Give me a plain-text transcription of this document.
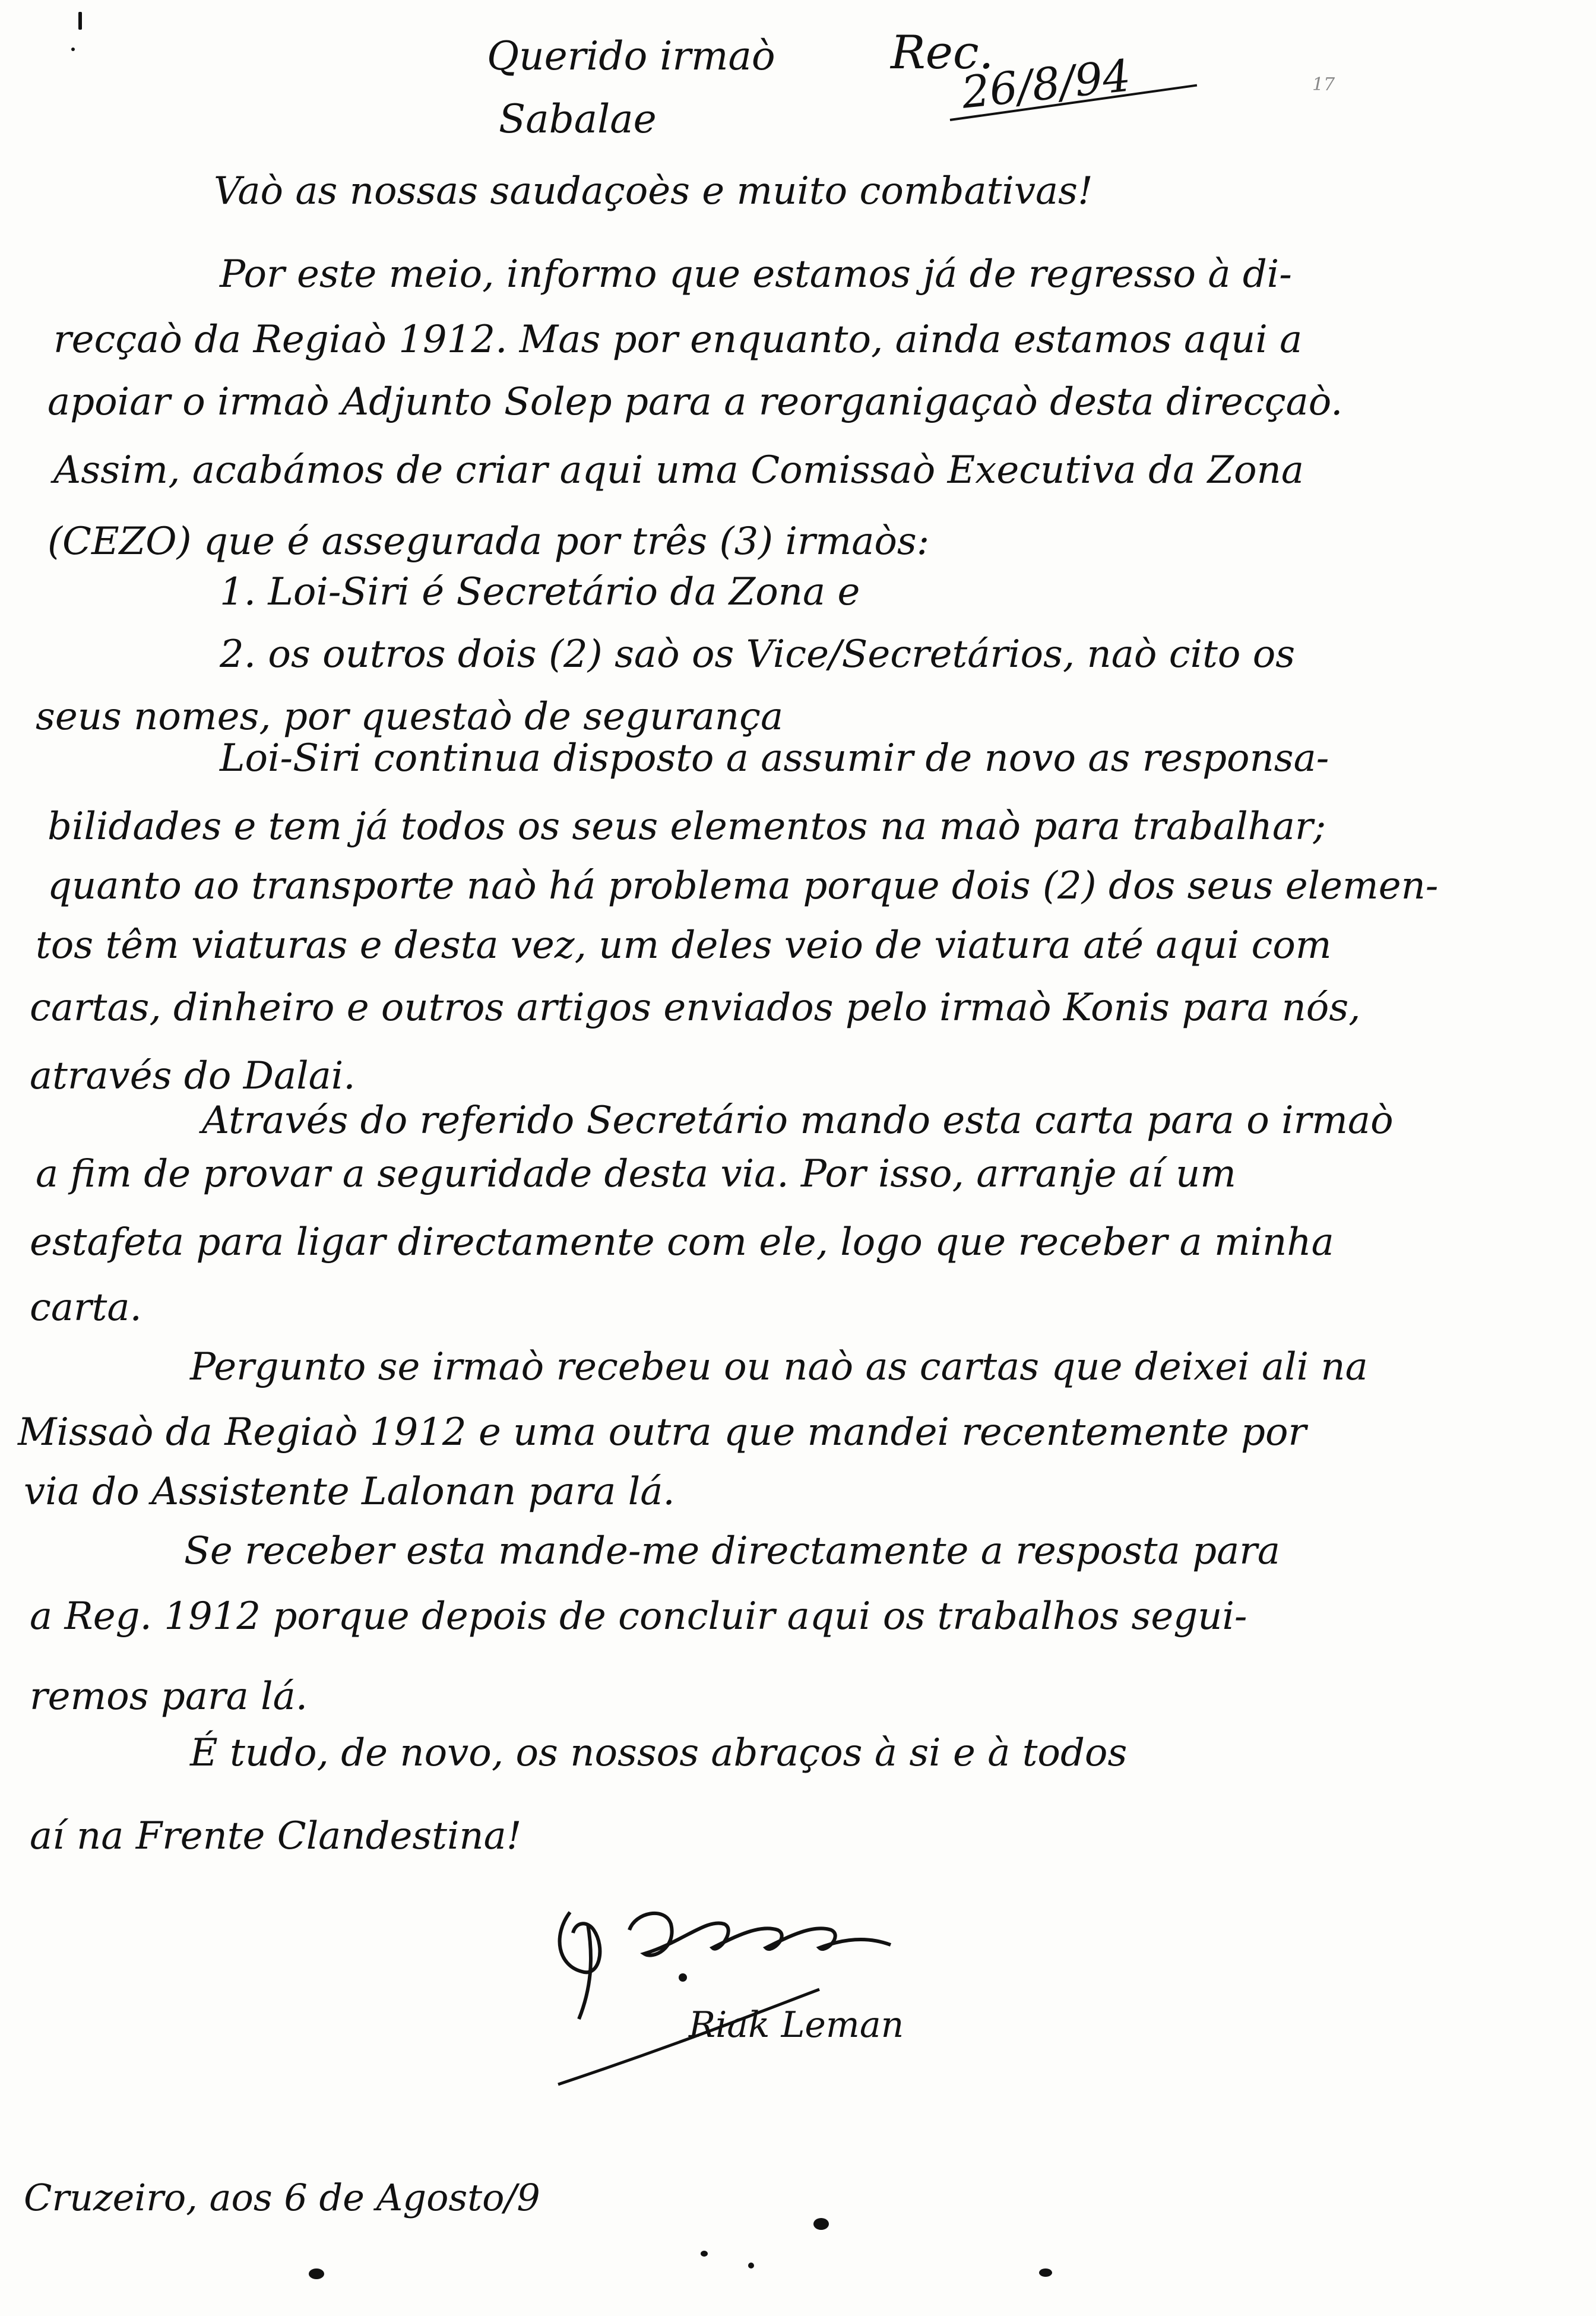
Querido irmaò
Sabalae
Rec.
26/8/94	17
Vaò as nossas saudaçoès e muito combativas!
Por este meio, informo que estamos já de regresso à di-
recçaò da Regiaò 1912. Mas por enquanto, ainda estamos aqui a
apoiar o irmaò Adjunto Solep para a reorganigaçaò desta direcçaò.
Assim, acabámos de criar aqui uma Comissaò Executiva da Zona
(CEZO) que é assegurada por três (3) irmaòs:
1. Loi-Siri é Secretário da Zona e
2. os outros dois (2) saò os Vice/Secretários, naò cito os
seus nomes, por questaò de segurança
Loi-Siri continua disposto a assumir de novo as responsa-
bilidades e tem já todos os seus elementos na maò para trabalhar;
quanto ao transporte naò há problema porque dois (2) dos seus elemen-
tos têm viaturas e desta vez, um deles veio de viatura até aqui com
cartas, dinheiro e outros artigos enviados pelo irmaò Konis para nós,
através do Dalai.
Através do referido Secretário mando esta carta para o irmaò
a fim de provar a seguridade desta via. Por isso, arranje aí um
estafeta para ligar directamente com ele, logo que receber a minha
carta.
Pergunto se irmaò recebeu ou naò as cartas que deixei ali na
Missaò da Regiaò 1912 e uma outra que mandei recentemente por
via do Assistente Lalonan para lá.
Se receber esta mande-me directamente a resposta para
a Reg. 1912 porque depois de concluir aqui os trabalhos segui-
remos para lá.
É tudo, de novo, os nossos abraços à si e à todos
aí na Frente Clandestina!
Riak Leman
Cruzeiro, aos 6 de Agosto/9
